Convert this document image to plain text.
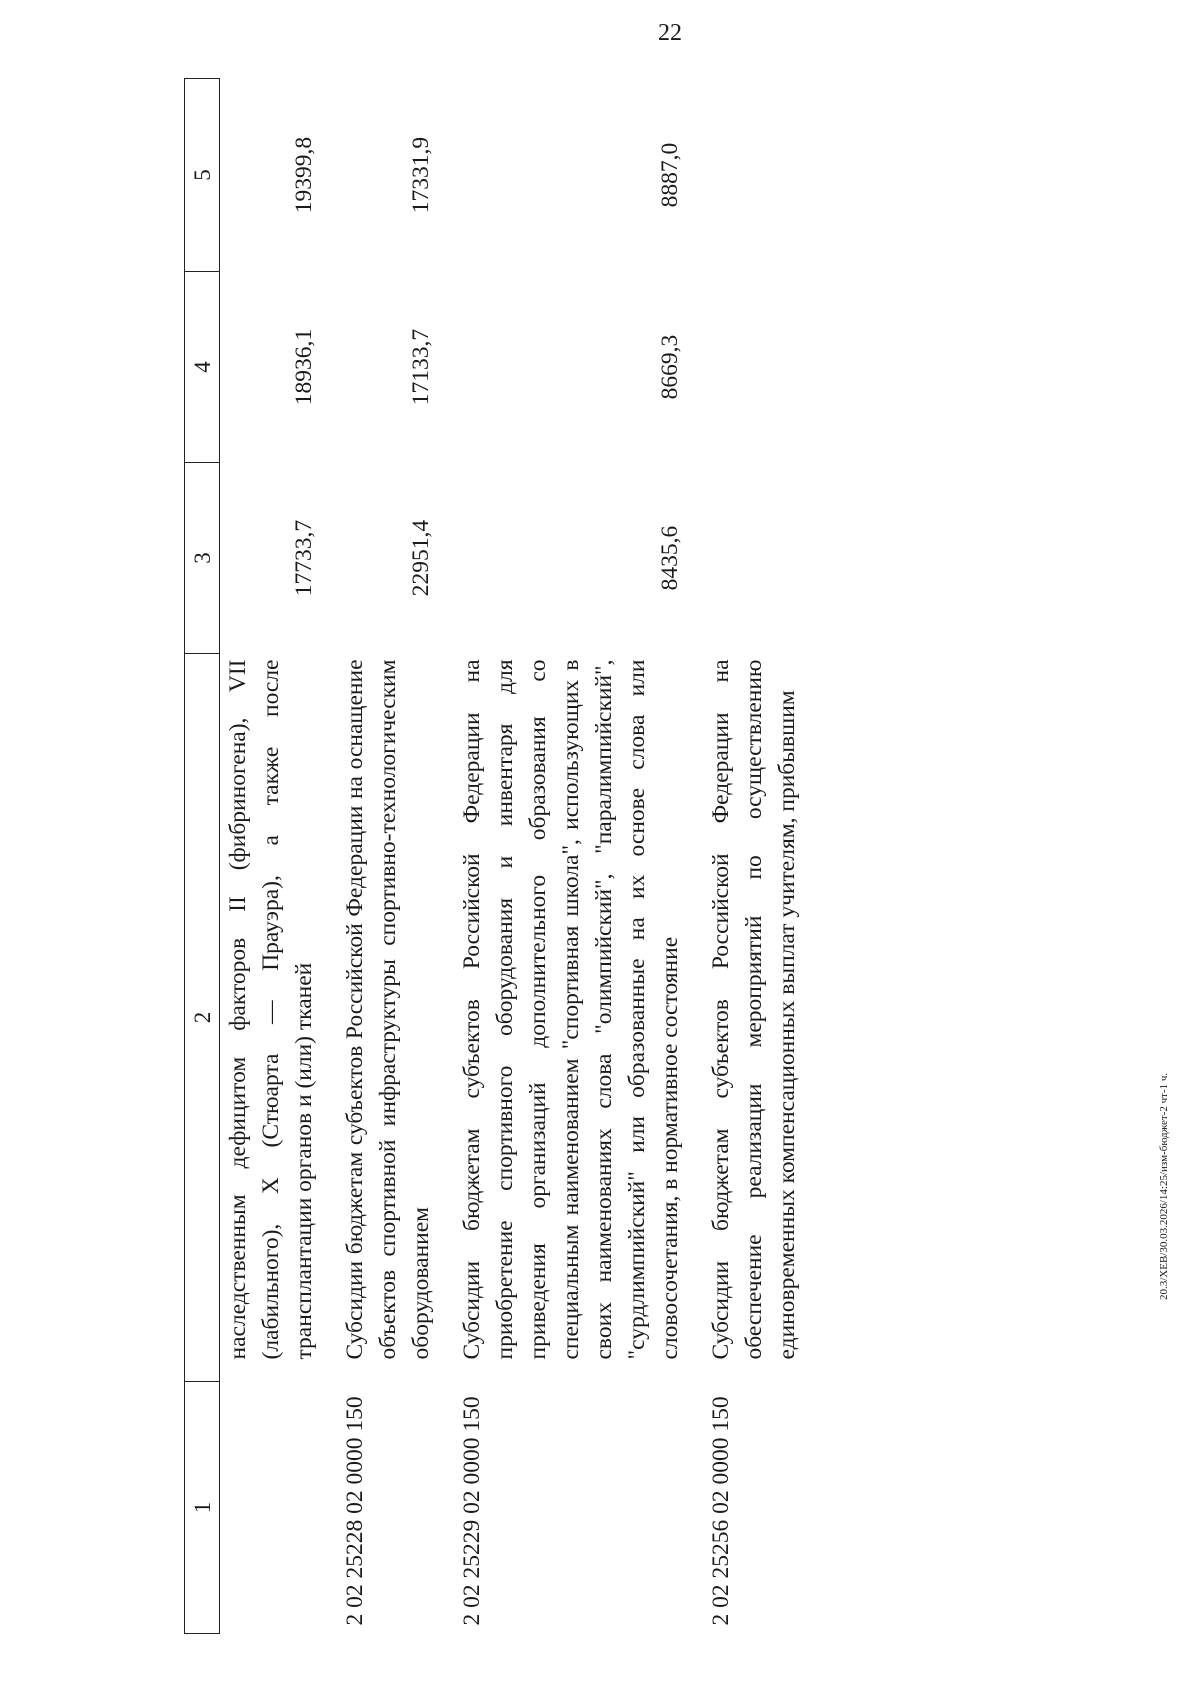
22
20.3/ХЕВ/30.03.2026/14:25/изм-бюджет-2 чт-1 ч.
1	2	3	4	5
	наследственным дефицитом факторов II (фибриногена), VII (лабильного), X (Стюарта — Прауэра), а также после трансплантации органов и (или) тканей	17733,7	18936,1	19399,8

2 02 25228 02 0000 150	Субсидии бюджетам субъектов Российской Федерации на оснащение объектов спортивной инфраструктуры спортивно-технологическим оборудованием	22951,4	17133,7	17331,9

2 02 25229 02 0000 150	Субсидии бюджетам субъектов Российской Федерации на приобретение спортивного оборудования и инвентаря для приведения организаций дополнительного образования со специальным наименованием "спортивная школа", использующих в своих наименованиях слова "олимпийский", "паралимпийский", "сурдлимпийский" или образованные на их основе слова или словосочетания, в нормативное состояние	8435,6	8669,3	8887,0

2 02 25256 02 0000 150	Субсидии бюджетам субъектов Российской Федерации на обеспечение реализации мероприятий по осуществлению единовременных компенсационных выплат учителям, прибывшим			
